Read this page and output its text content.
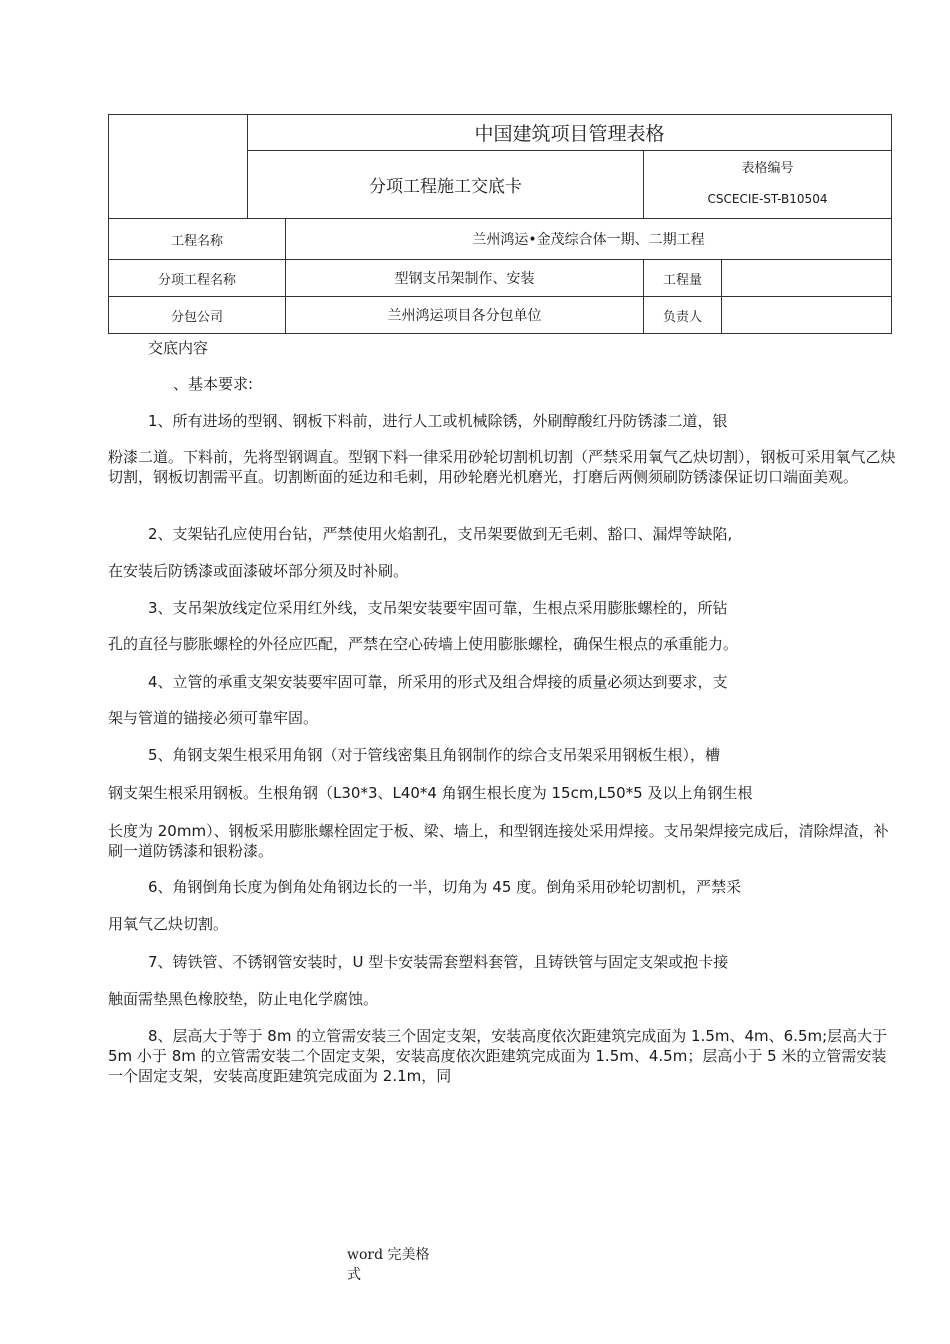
中国建筑项目管理表格
分项工程施工交底卡
表格编号
CSCECIE-ST-B10504
工程名称	兰州鸿运•金茂综合体一期、二期工程
分项工程名称	型钢支吊架制作、安装	工程量
分包公司	兰州鸿运项目各分包单位	负责人
交底内容
、基本要求:
1、所有进场的型钢、钢板下料前，进行人工或机械除锈，外刷醇酸红丹防锈漆二道，银
粉漆二道。下料前，先将型钢调直。型钢下料一律采用砂轮切割机切割（严禁采用氧气乙炔切割），钢板可采用氧气乙炔切割，钢板切割需平直。切割断面的延边和毛刺，用砂轮磨光机磨光，打磨后两侧须刷防锈漆保证切口端面美观。
2、支架钻孔应使用台钻，严禁使用火焰割孔，支吊架要做到无毛刺、豁口、漏焊等缺陷,
在安装后防锈漆或面漆破坏部分须及时补刷。
3、支吊架放线定位采用红外线，支吊架安装要牢固可靠，生根点采用膨胀螺栓的，所钻
孔的直径与膨胀螺栓的外径应匹配，严禁在空心砖墙上使用膨胀螺栓，确保生根点的承重能力。
4、立管的承重支架安装要牢固可靠，所采用的形式及组合焊接的质量必须达到要求，支
架与管道的锚接必须可靠牢固。
5、角钢支架生根采用角钢（对于管线密集且角钢制作的综合支吊架采用钢板生根），槽
钢支架生根采用钢板。生根角钢（L30*3、L40*4 角钢生根长度为 15cm,L50*5 及以上角钢生根
长度为 20mm）、钢板采用膨胀螺栓固定于板、梁、墙上，和型钢连接处采用焊接。支吊架焊接完成后，清除焊渣，补刷一道防锈漆和银粉漆。
6、角钢倒角长度为倒角处角钢边长的一半，切角为 45 度。倒角采用砂轮切割机，严禁采
用氧气乙炔切割。
7、铸铁管、不锈钢管安装时，U 型卡安装需套塑料套管，且铸铁管与固定支架或抱卡接
触面需垫黑色橡胶垫，防止电化学腐蚀。
8、层高大于等于 8m 的立管需安装三个固定支架，安装高度依次距建筑完成面为 1.5m、4m、6.5m;层高大于 5m 小于 8m 的立管需安装二个固定支架，安装高度依次距建筑完成面为 1.5m、4.5m；层高小于 5 米的立管需安装一个固定支架，安装高度距建筑完成面为 2.1m，同
word 完美格
式
